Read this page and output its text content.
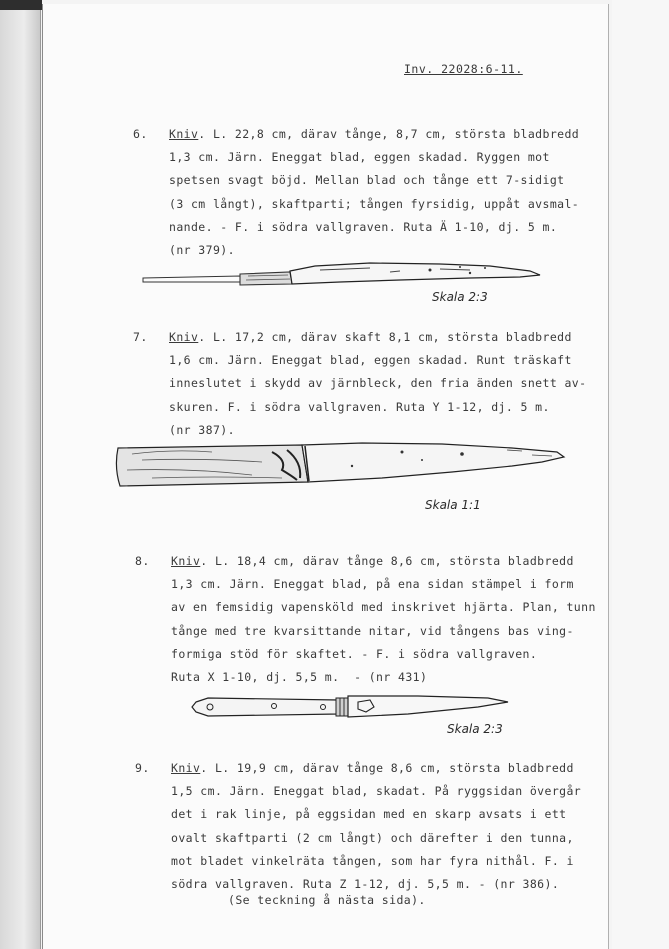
Inv. 22028:6-11.
6. Kniv. L. 22,8 cm, därav tånge, 8,7 cm, största bladbredd
1,3 cm. Järn. Eneggat blad, eggen skadad. Ryggen mot
spetsen svagt böjd. Mellan blad och tånge ett 7-sidigt
(3 cm långt), skaftparti; tången fyrsidig, uppåt avsmal-
nande. - F. i södra vallgraven. Ruta Ä 1-10, dj. 5 m.
(nr 379).
Skala 2:3
7. Kniv. L. 17,2 cm, därav skaft 8,1 cm, största bladbredd
1,6 cm. Järn. Eneggat blad, eggen skadad. Runt träskaft
inneslutet i skydd av järnbleck, den fria änden snett av-
skuren. F. i södra vallgraven. Ruta Y 1-12, dj. 5 m.
(nr 387).
Skala 1:1
8. Kniv. L. 18,4 cm, därav tånge 8,6 cm, största bladbredd
1,3 cm. Järn. Eneggat blad, på ena sidan stämpel i form
av en femsidig vapensköld med inskrivet hjärta. Plan, tunn
tånge med tre kvarsittande nitar, vid tångens bas ving-
formiga stöd för skaftet. - F. i södra vallgraven.
Ruta X 1-10, dj. 5,5 m.  - (nr 431)
Skala 2:3
9. Kniv. L. 19,9 cm, därav tånge 8,6 cm, största bladbredd
1,5 cm. Järn. Eneggat blad, skadat. På ryggsidan övergår
det i rak linje, på eggsidan med en skarp avsats i ett
ovalt skaftparti (2 cm långt) och därefter i den tunna,
mot bladet vinkelräta tången, som har fyra nithål. F. i
södra vallgraven. Ruta Z 1-12, dj. 5,5 m. - (nr 386).
(Se teckning å nästa sida).
